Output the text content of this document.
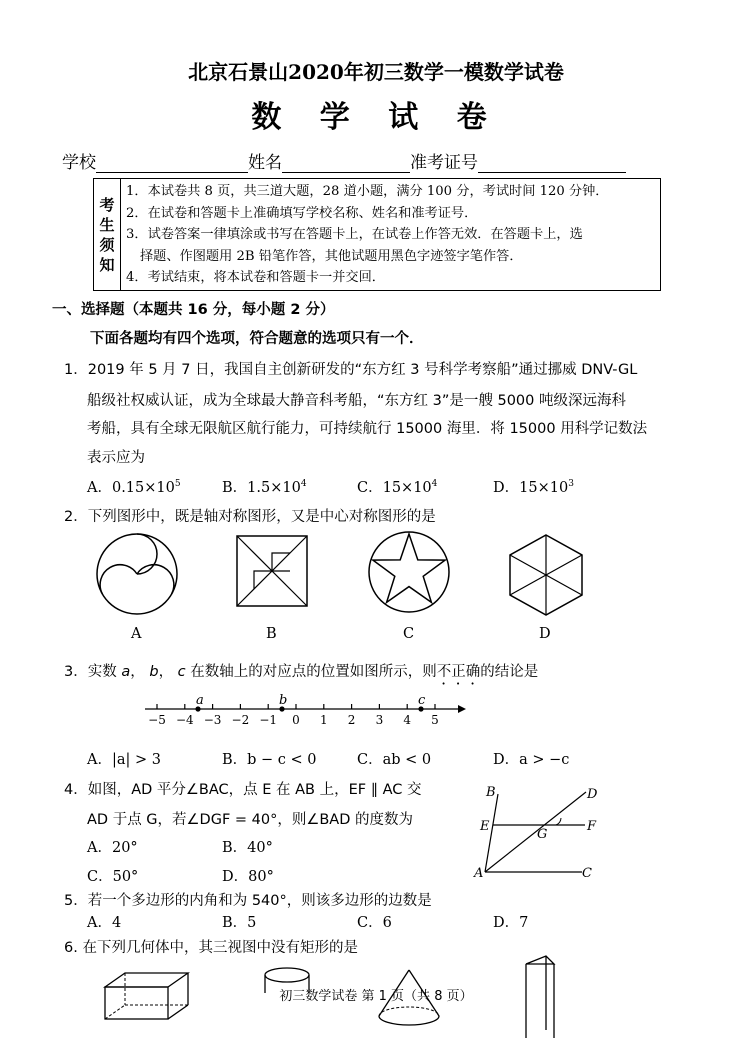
北京石景山2020年初三数学一模数学试卷
数 学 试 卷
学校	姓名	准考证号
考
生
须
知
1．本试卷共 8 页，共三道大题，28 道小题，满分 100 分，考试时间 120 分钟．
2．在试卷和答题卡上准确填写学校名称、姓名和准考证号．
3．试卷答案一律填涂或书写在答题卡上，在试卷上作答无效．在答题卡上，选
择题、作图题用 2B 铅笔作答，其他试题用黑色字迹签字笔作答．
4．考试结束，将本试卷和答题卡一并交回．
一、选择题（本题共 16 分，每小题 2 分）
下面各题均有四个选项，符合题意的选项只有一个．
1．2019 年 5 月 7 日，我国自主创新研发的“东方红 3 号科学考察船”通过挪威 DNV-GL
船级社权威认证，成为全球最大静音科考船，“东方红 3”是一艘 5000 吨级深远海科
考船，具有全球无限航区航行能力，可持续航行 15000 海里．将 15000 用科学记数法
表示应为
A．$0.15\times 10^5$	B．$1.5\times 10^4$	C．$15\times 10^4$	D．$15\times 10^3$
2．下列图形中，既是轴对称图形，又是中心对称图形的是
A	B	C	D
3．实数 a， b， c 在数轴上的对应点的位置如图所示，则不正确的结论是
a	b	c
−5 −4 −3 −2 −1 0 1 2 3 4 5
A．|a| > 3	B．b − c < 0	C．ab < 0	D．a > −c
4．如图，AD 平分∠BAC，点 E 在 AB 上，EF ∥ AC 交
AD 于点 G，若∠DGF = 40°，则∠BAD 的度数为
A．20°	B．40°
C．50°	D．80°
B	D
E
G
F
A	C
5．若一个多边形的内角和为 540°，则该多边形的边数是
A．4	B．5	C．6	D．7
6. 在下列几何体中，其三视图中没有矩形的是
初三数学试卷 第 1 页（共 8 页）
